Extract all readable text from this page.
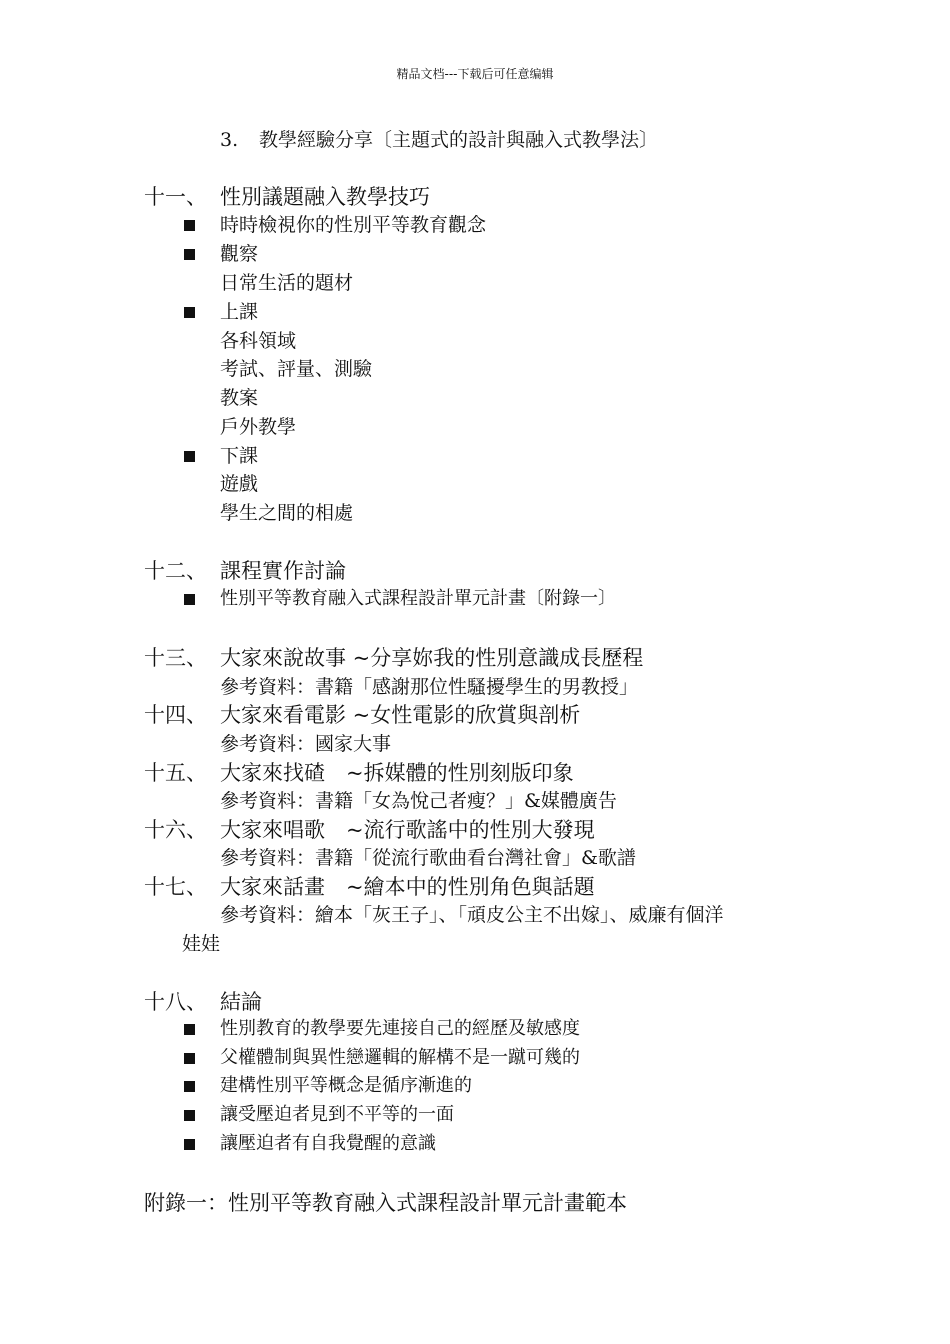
精品文档---下载后可任意编辑
3. 教學經驗分享〔主題式的設計與融入式教學法〕
十一、 性別議題融入教學技巧
時時檢視你的性別平等教育觀念
觀察
日常生活的題材
上課
各科領域
考試、評量、測驗
教案
戶外教學
下課
遊戲
學生之間的相處
十二、 課程實作討論
性別平等教育融入式課程設計單元計畫〔附錄一〕
十三、 大家來說故事 ~分享妳我的性別意識成長歷程
參考資料：書籍「感謝那位性騷擾學生的男教授」
十四、 大家來看電影 ~女性電影的欣賞與剖析
參考資料：國家大事
十五、 大家來找碴　~拆媒體的性別刻版印象
參考資料：書籍「女為悅己者瘦？」&媒體廣告
十六、 大家來唱歌　~流行歌謠中的性別大發現
參考資料：書籍「從流行歌曲看台灣社會」&歌譜
十七、 大家來話畫　~繪本中的性別角色與話題
參考資料：繪本「灰王子」、「頑皮公主不出嫁」、威廉有個洋
娃娃
十八、 結論
性別教育的教學要先連接自己的經歷及敏感度
父權體制與異性戀邏輯的解構不是一蹴可幾的
建構性別平等概念是循序漸進的
讓受壓迫者見到不平等的一面
讓壓迫者有自我覺醒的意識
附錄一：性別平等教育融入式課程設計單元計畫範本
